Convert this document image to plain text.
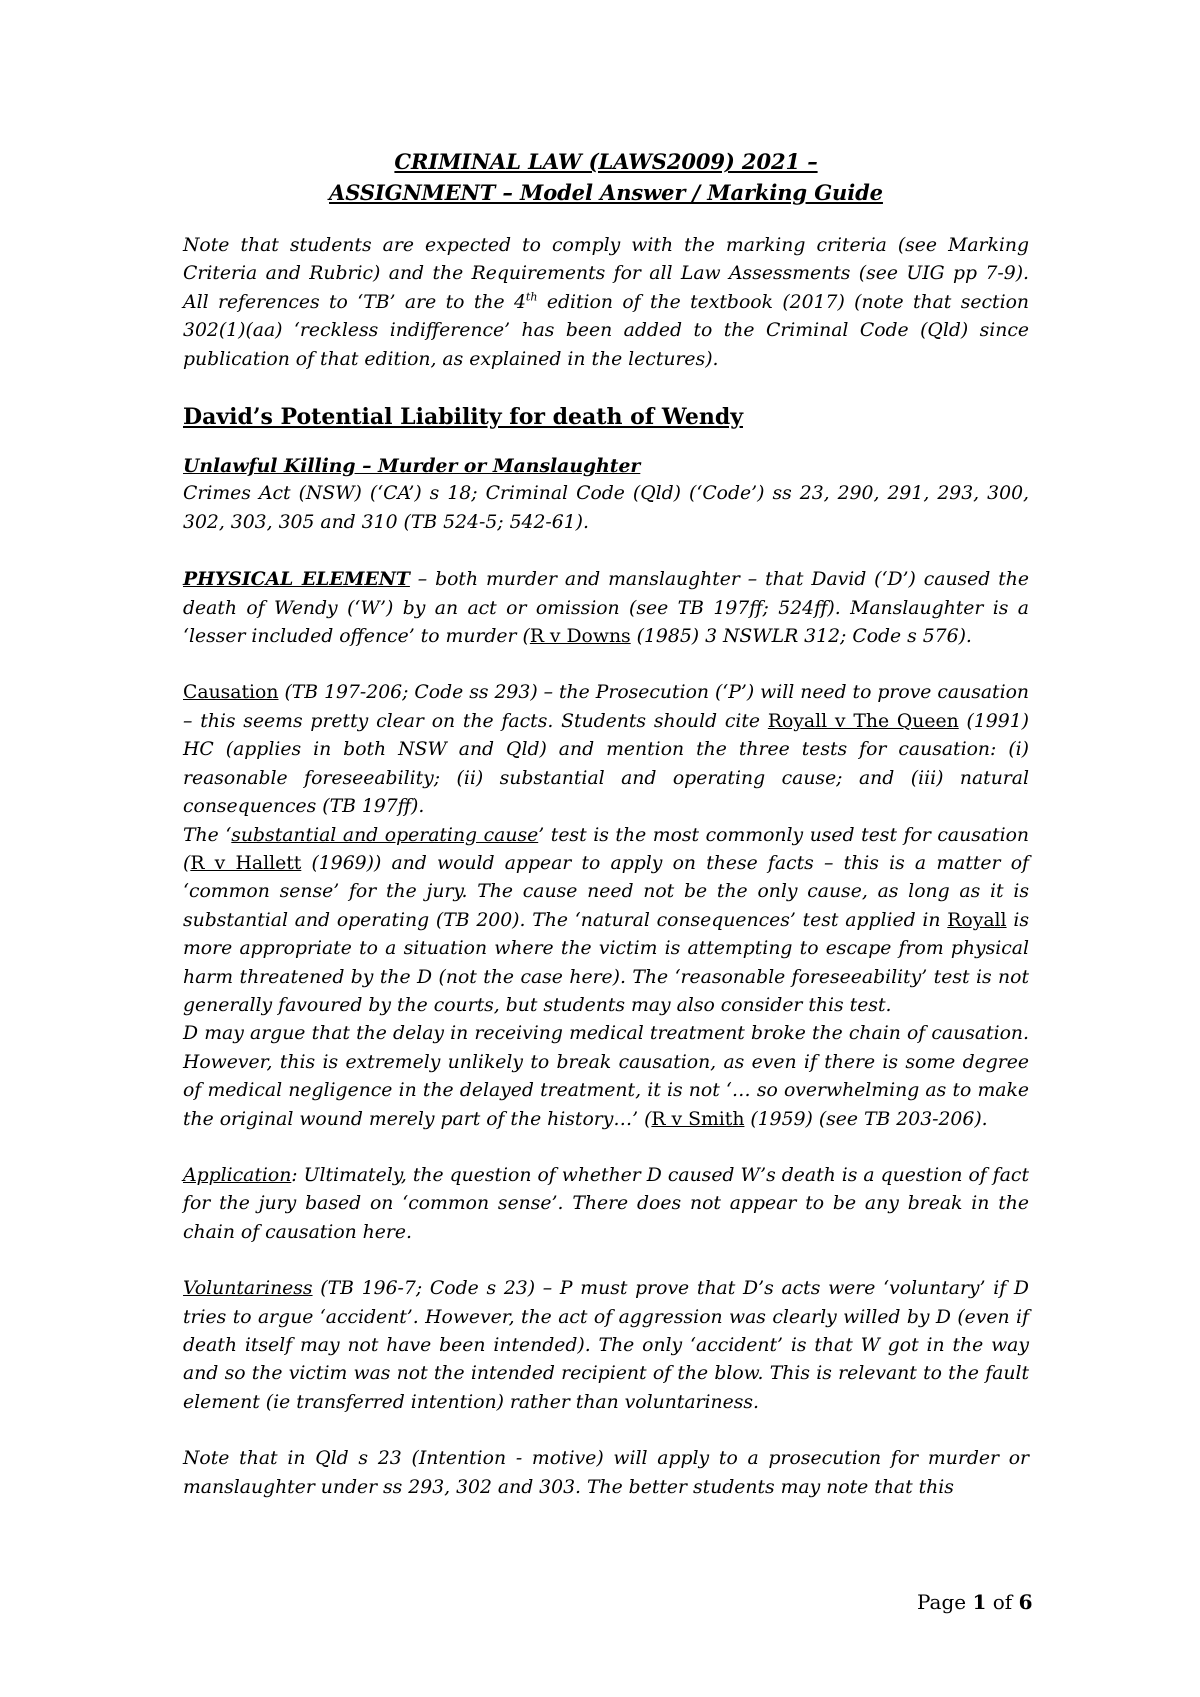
CRIMINAL LAW (LAWS2009) 2021 –

ASSIGNMENT – Model Answer / Marking Guide

Note that students are expected to comply with the marking criteria (see Marking Criteria and Rubric) and the Requirements for all Law Assessments (see UIG pp 7-9). All references to ‘TB’ are to the 4th edition of the textbook (2017) (note that section 302(1)(aa) ‘reckless indifference’ has been added to the Criminal Code (Qld) since publication of that edition, as explained in the lectures).

David’s Potential Liability for death of Wendy

Unlawful Killing – Murder or Manslaughter

Crimes Act (NSW) (‘CA’) s 18; Criminal Code (Qld) (‘Code’) ss 23, 290, 291, 293, 300, 302, 303, 305 and 310 (TB 524-5; 542-61).

PHYSICAL ELEMENT – both murder and manslaughter – that David (‘D’) caused the death of Wendy (‘W’) by an act or omission (see TB 197ff; 524ff). Manslaughter is a ‘lesser included offence’ to murder (R v Downs (1985) 3 NSWLR 312; Code s 576).

Causation (TB 197-206; Code ss 293) – the Prosecution (‘P’) will need to prove causation – this seems pretty clear on the facts. Students should cite Royall v The Queen (1991) HC (applies in both NSW and Qld) and mention the three tests for causation: (i) reasonable foreseeability; (ii) substantial and operating cause; and (iii) natural consequences (TB 197ff).

The ‘substantial and operating cause’ test is the most commonly used test for causation (R v Hallett (1969)) and would appear to apply on these facts – this is a matter of ‘common sense’ for the jury. The cause need not be the only cause, as long as it is substantial and operating (TB 200). The ‘natural consequences’ test applied in Royall is more appropriate to a situation where the victim is attempting to escape from physical harm threatened by the D (not the case here). The ‘reasonable foreseeability’ test is not generally favoured by the courts, but students may also consider this test.

D may argue that the delay in receiving medical treatment broke the chain of causation. However, this is extremely unlikely to break causation, as even if there is some degree of medical negligence in the delayed treatment, it is not ‘… so overwhelming as to make the original wound merely part of the history…’ (R v Smith (1959) (see TB 203-206).

Application: Ultimately, the question of whether D caused W’s death is a question of fact for the jury based on ‘common sense’. There does not appear to be any break in the chain of causation here.

Voluntariness (TB 196-7; Code s 23) – P must prove that D’s acts were ‘voluntary’ if D tries to argue ‘accident’. However, the act of aggression was clearly willed by D (even if death itself may not have been intended). The only ‘accident’ is that W got in the way and so the victim was not the intended recipient of the blow. This is relevant to the fault element (ie transferred intention) rather than voluntariness.

Note that in Qld s 23 (Intention - motive) will apply to a prosecution for murder or manslaughter under ss 293, 302 and 303. The better students may note that this

Page 1 of 6
